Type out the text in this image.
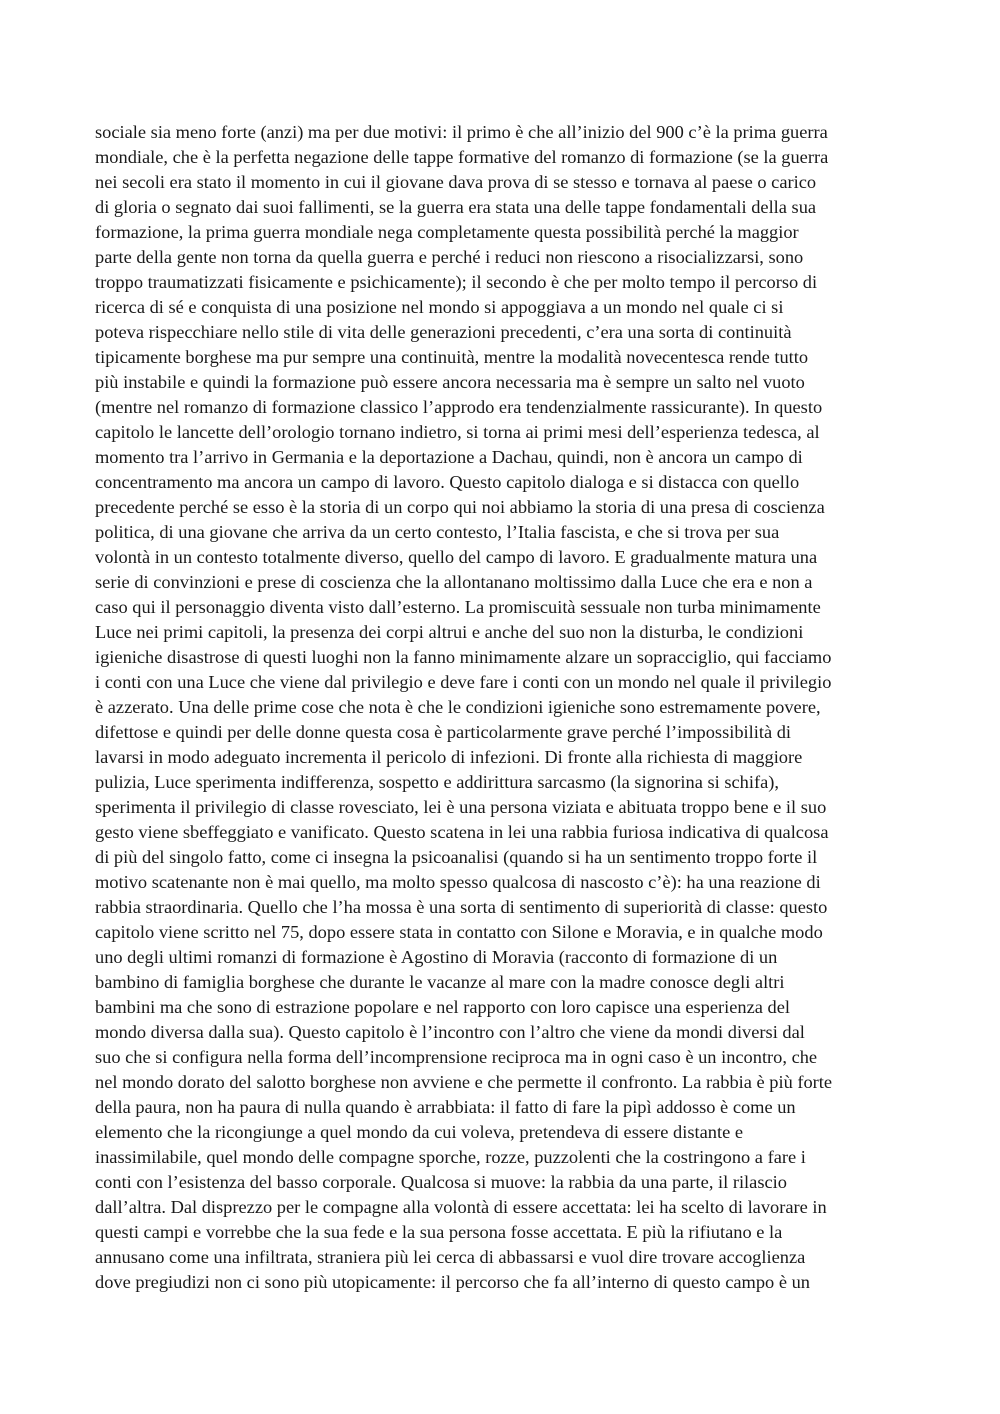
sociale sia meno forte (anzi) ma per due motivi: il primo è che all’inizio del 900 c’è la prima guerra
mondiale, che è la perfetta negazione delle tappe formative del romanzo di formazione (se la guerra
nei secoli era stato il momento in cui il giovane dava prova di se stesso e tornava al paese o carico
di gloria o segnato dai suoi fallimenti, se la guerra era stata una delle tappe fondamentali della sua
formazione, la prima guerra mondiale nega completamente questa possibilità perché la maggior
parte della gente non torna da quella guerra e perché i reduci non riescono a risocializzarsi, sono
troppo traumatizzati fisicamente e psichicamente); il secondo è che per molto tempo il percorso di
ricerca di sé e conquista di una posizione nel mondo si appoggiava a un mondo nel quale ci si
poteva rispecchiare nello stile di vita delle generazioni precedenti, c’era una sorta di continuità
tipicamente borghese ma pur sempre una continuità, mentre la modalità novecentesca rende tutto
più instabile e quindi la formazione può essere ancora necessaria ma è sempre un salto nel vuoto
(mentre nel romanzo di formazione classico l’approdo era tendenzialmente rassicurante). In questo
capitolo le lancette dell’orologio tornano indietro, si torna ai primi mesi dell’esperienza tedesca, al
momento tra l’arrivo in Germania e la deportazione a Dachau, quindi, non è ancora un campo di
concentramento ma ancora un campo di lavoro. Questo capitolo dialoga e si distacca con quello
precedente perché se esso è la storia di un corpo qui noi abbiamo la storia di una presa di coscienza
politica, di una giovane che arriva da un certo contesto, l’Italia fascista, e che si trova per sua
volontà in un contesto totalmente diverso, quello del campo di lavoro. E gradualmente matura una
serie di convinzioni e prese di coscienza che la allontanano moltissimo dalla Luce che era e non a
caso qui il personaggio diventa visto dall’esterno. La promiscuità sessuale non turba minimamente
Luce nei primi capitoli, la presenza dei corpi altrui e anche del suo non la disturba, le condizioni
igieniche disastrose di questi luoghi non la fanno minimamente alzare un sopracciglio, qui facciamo
i conti con una Luce che viene dal privilegio e deve fare i conti con un mondo nel quale il privilegio
è azzerato. Una delle prime cose che nota è che le condizioni igieniche sono estremamente povere,
difettose e quindi per delle donne questa cosa è particolarmente grave perché l’impossibilità di
lavarsi in modo adeguato incrementa il pericolo di infezioni. Di fronte alla richiesta di maggiore
pulizia, Luce sperimenta indifferenza, sospetto e addirittura sarcasmo (la signorina si schifa),
sperimenta il privilegio di classe rovesciato, lei è una persona viziata e abituata troppo bene e il suo
gesto viene sbeffeggiato e vanificato. Questo scatena in lei una rabbia furiosa indicativa di qualcosa
di più del singolo fatto, come ci insegna la psicoanalisi (quando si ha un sentimento troppo forte il
motivo scatenante non è mai quello, ma molto spesso qualcosa di nascosto c’è): ha una reazione di
rabbia straordinaria. Quello che l’ha mossa è una sorta di sentimento di superiorità di classe: questo
capitolo viene scritto nel 75, dopo essere stata in contatto con Silone e Moravia, e in qualche modo
uno degli ultimi romanzi di formazione è Agostino di Moravia (racconto di formazione di un
bambino di famiglia borghese che durante le vacanze al mare con la madre conosce degli altri
bambini ma che sono di estrazione popolare e nel rapporto con loro capisce una esperienza del
mondo diversa dalla sua). Questo capitolo è l’incontro con l’altro che viene da mondi diversi dal
suo che si configura nella forma dell’incomprensione reciproca ma in ogni caso è un incontro, che
nel mondo dorato del salotto borghese non avviene e che permette il confronto. La rabbia è più forte
della paura, non ha paura di nulla quando è arrabbiata: il fatto di fare la pipì addosso è come un
elemento che la ricongiunge a quel mondo da cui voleva, pretendeva di essere distante e
inassimilabile, quel mondo delle compagne sporche, rozze, puzzolenti che la costringono a fare i
conti con l’esistenza del basso corporale. Qualcosa si muove: la rabbia da una parte, il rilascio
dall’altra. Dal disprezzo per le compagne alla volontà di essere accettata: lei ha scelto di lavorare in
questi campi e vorrebbe che la sua fede e la sua persona fosse accettata. E più la rifiutano e la
annusano come una infiltrata, straniera più lei cerca di abbassarsi e vuol dire trovare accoglienza
dove pregiudizi non ci sono più utopicamente: il percorso che fa all’interno di questo campo è un
